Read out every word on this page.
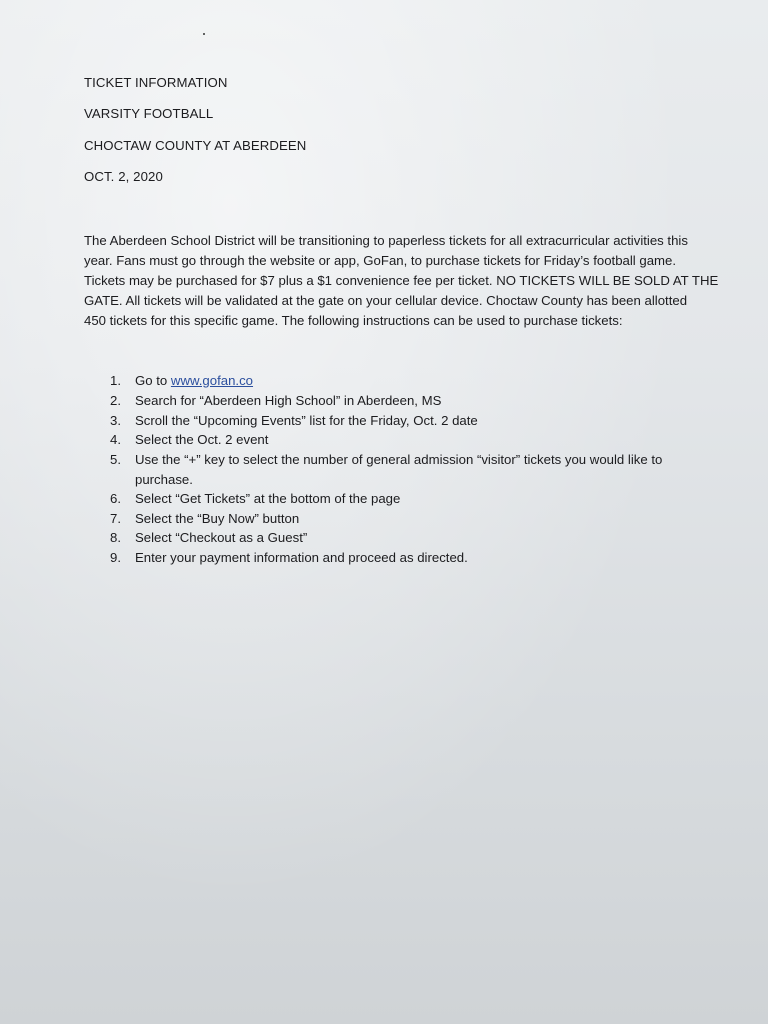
TICKET INFORMATION
VARSITY FOOTBALL
CHOCTAW COUNTY AT ABERDEEN
OCT. 2, 2020
The Aberdeen School District will be transitioning to paperless tickets for all extracurricular activities this
year. Fans must go through the website or app, GoFan, to purchase tickets for Friday’s football game.
Tickets may be purchased for $7 plus a $1 convenience fee per ticket. NO TICKETS WILL BE SOLD AT THE
GATE. All tickets will be validated at the gate on your cellular device. Choctaw County has been allotted
450 tickets for this specific game. The following instructions can be used to purchase tickets:
1. Go to www.gofan.co
2. Search for “Aberdeen High School” in Aberdeen, MS
3. Scroll the “Upcoming Events” list for the Friday, Oct. 2 date
4. Select the Oct. 2 event
5. Use the “+” key to select the number of general admission “visitor” tickets you would like to
purchase.
6. Select “Get Tickets” at the bottom of the page
7. Select the “Buy Now” button
8. Select “Checkout as a Guest”
9. Enter your payment information and proceed as directed.
